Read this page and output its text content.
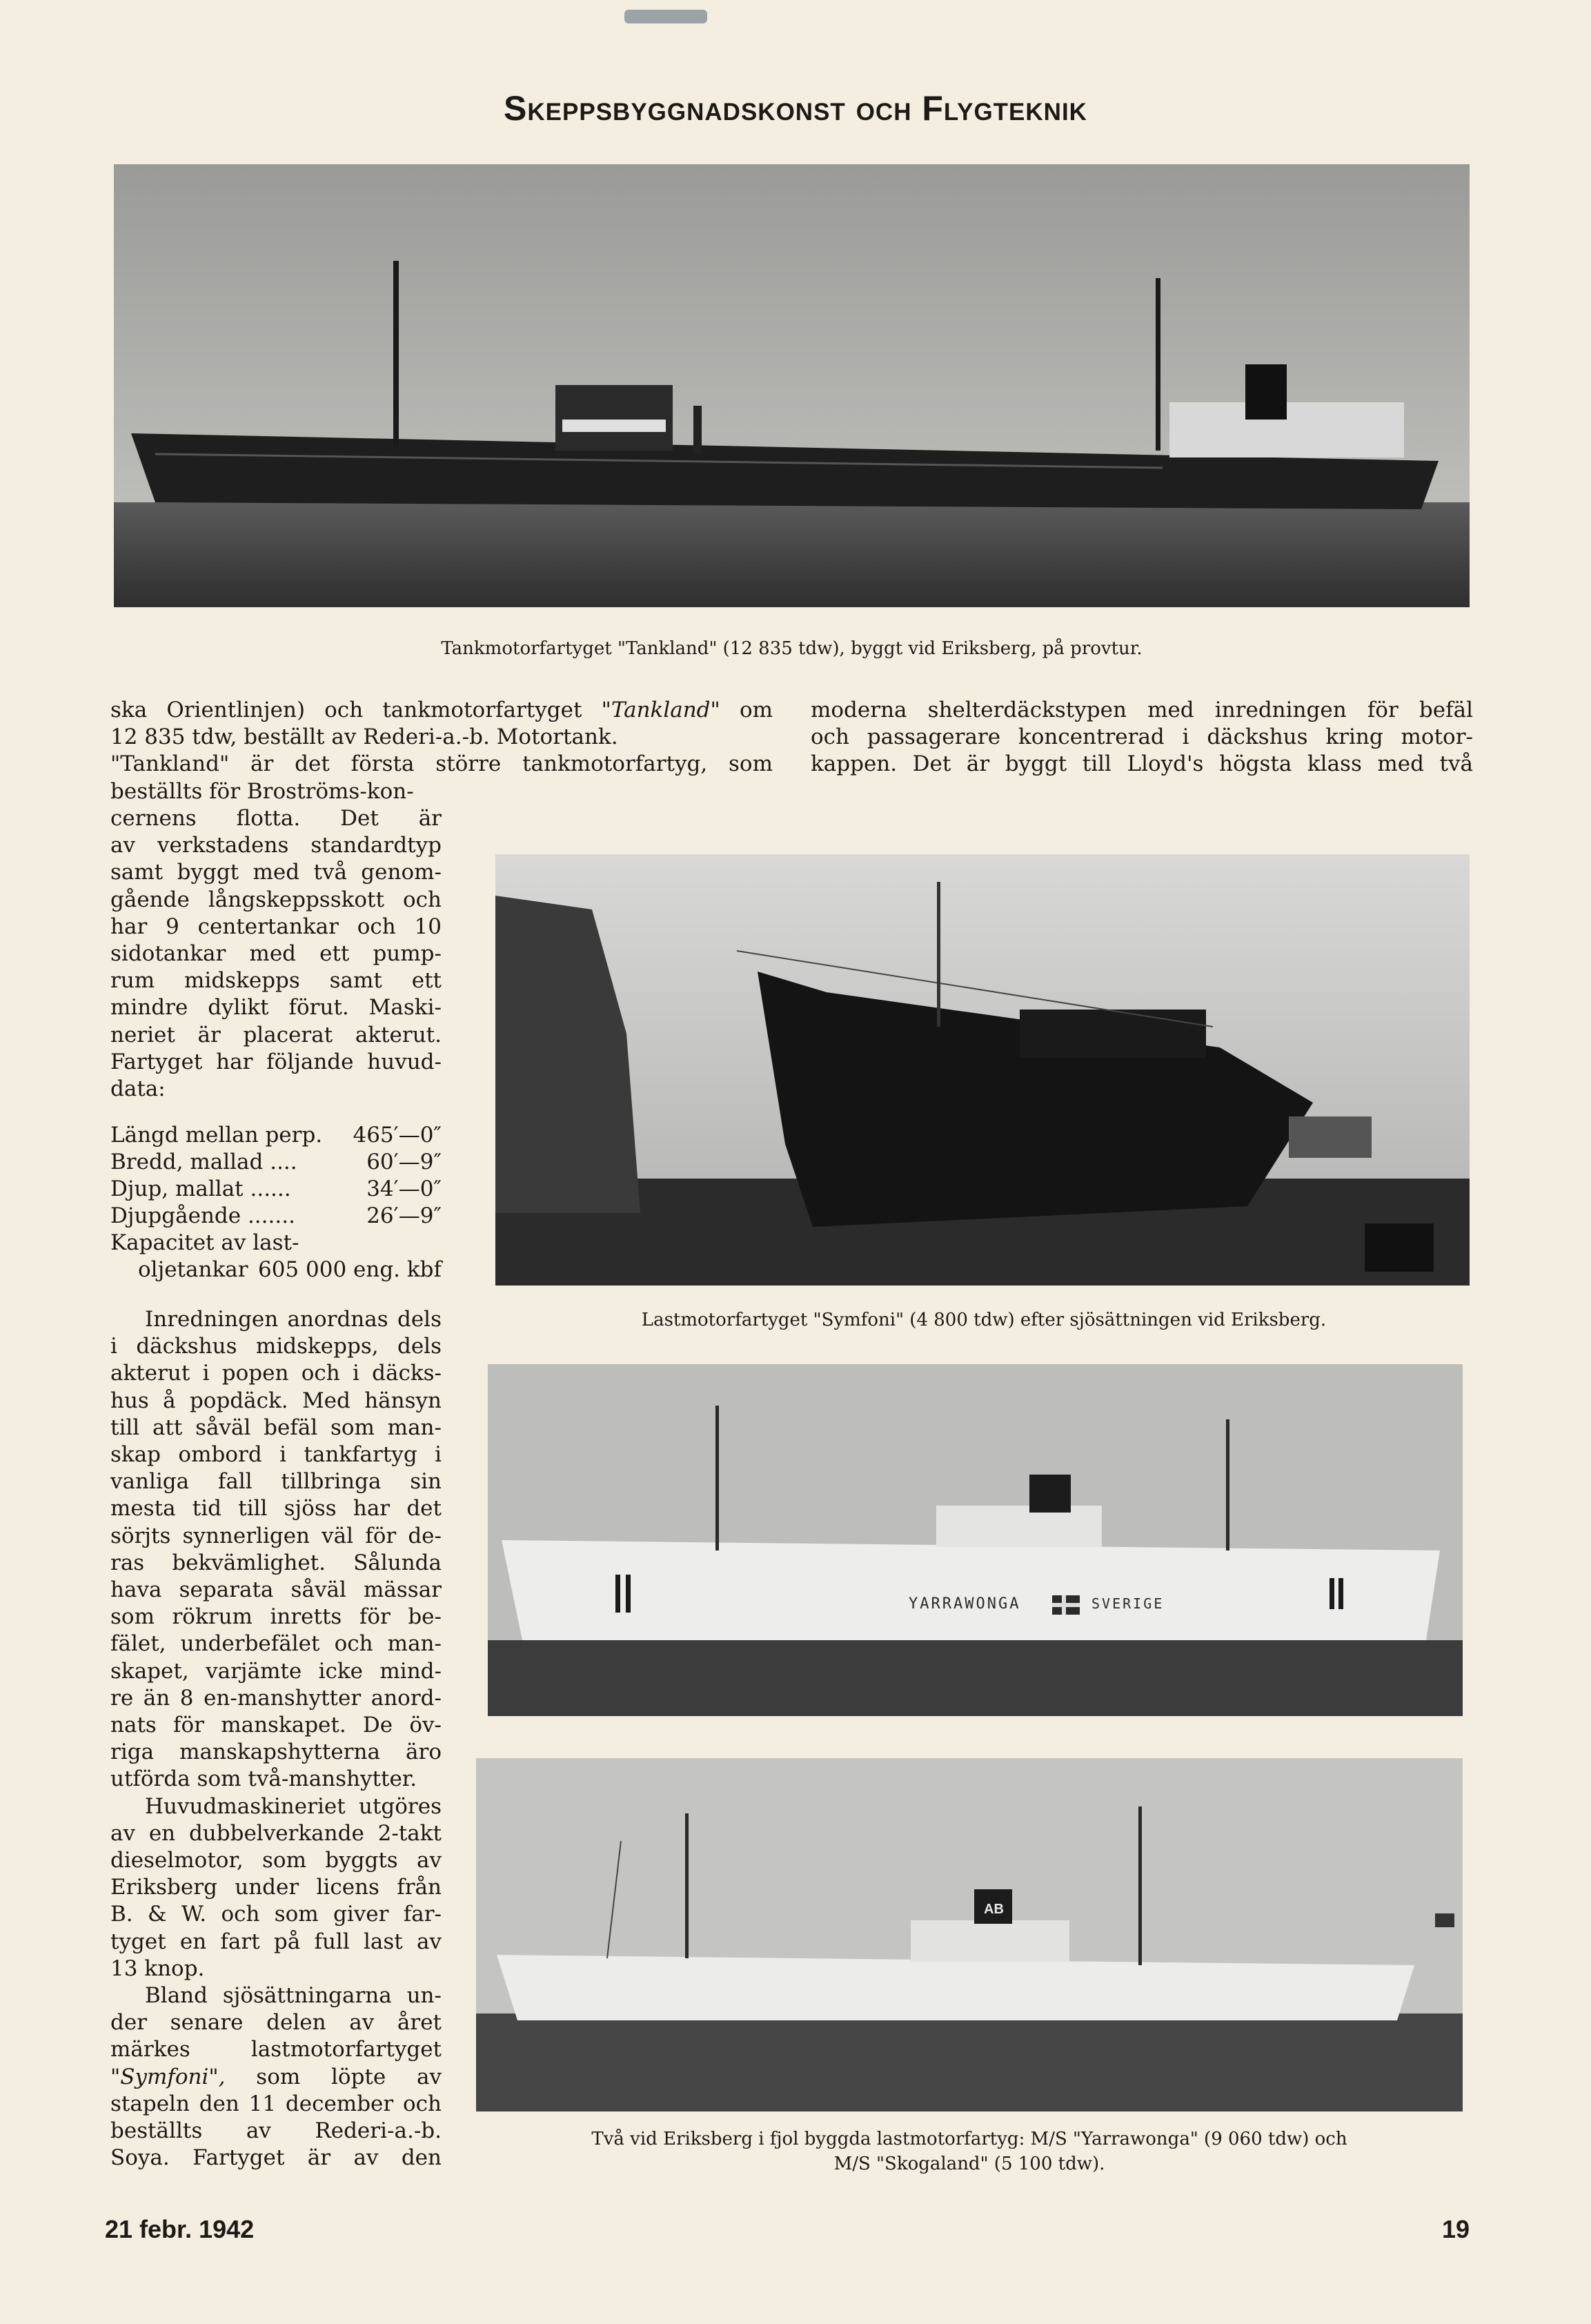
Skeppsbyggnadskonst och Flygteknik
Tankmotorfartyget "Tankland" (12 835 tdw), byggt vid Eriksberg, på provtur.

ska Orientlinjen) och tankmotorfartyget "Tankland" om

12 835 tdw, beställt av Rederi-a.-b. Motortank.

"Tankland" är det första större tankmotorfartyg, som

beställts för Broströms-kon-

cernens flotta. Det är

av verkstadens standardtyp

samt byggt med två genom-

gående långskeppsskott och

har 9 centertankar och 10

sidotankar med ett pump-

rum midskepps samt ett

mindre dylikt förut. Maski-

neriet är placerat akterut.

Fartyget har följande huvud-

data:

Längd mellan perp. 465′—0″
Bredd, mallad ....	60′—9″
Djup, mallat ......	34′—0″
Djupgående .......	26′—9″
Kapacitet av last-
oljetankar 605 000 eng. kbf

Inredningen anordnas dels

i däckshus midskepps, dels

akterut i popen och i däcks-

hus å popdäck. Med hänsyn

till att såväl befäl som man-

skap ombord i tankfartyg i

vanliga fall tillbringa sin

mesta tid till sjöss har det

sörjts synnerligen väl för de-

ras bekvämlighet. Sålunda

hava separata såväl mässar

som rökrum inretts för be-

fälet, underbefälet och man-

skapet, varjämte icke mind-

re än 8 en-manshytter anord-

nats för manskapet. De öv-

riga manskapshytterna äro

utförda som två-manshytter.

Huvudmaskineriet utgöres

av en dubbelverkande 2-takt

dieselmotor, som byggts av

Eriksberg under licens från

B. & W. och som giver far-

tyget en fart på full last av

13 knop.

Bland sjösättningarna un-

der senare delen av året

märkes lastmotorfartyget

"Symfoni", som löpte av

stapeln den 11 december och

beställts av Rederi-a.-b.

Soya. Fartyget är av den

moderna shelterdäckstypen med inredningen för befäl

och passagerare koncentrerad i däckshus kring motor-

kappen. Det är byggt till Lloyd's högsta klass med två

Lastmotorfartyget "Symfoni" (4 800 tdw) efter sjösättningen vid Eriksberg.
YARRAWONGA	SVERIGE
AB
Två vid Eriksberg i fjol byggda lastmotorfartyg: M/S "Yarrawonga" (9 060 tdw) och
M/S "Skogaland" (5 100 tdw).
21 febr. 1942	19
